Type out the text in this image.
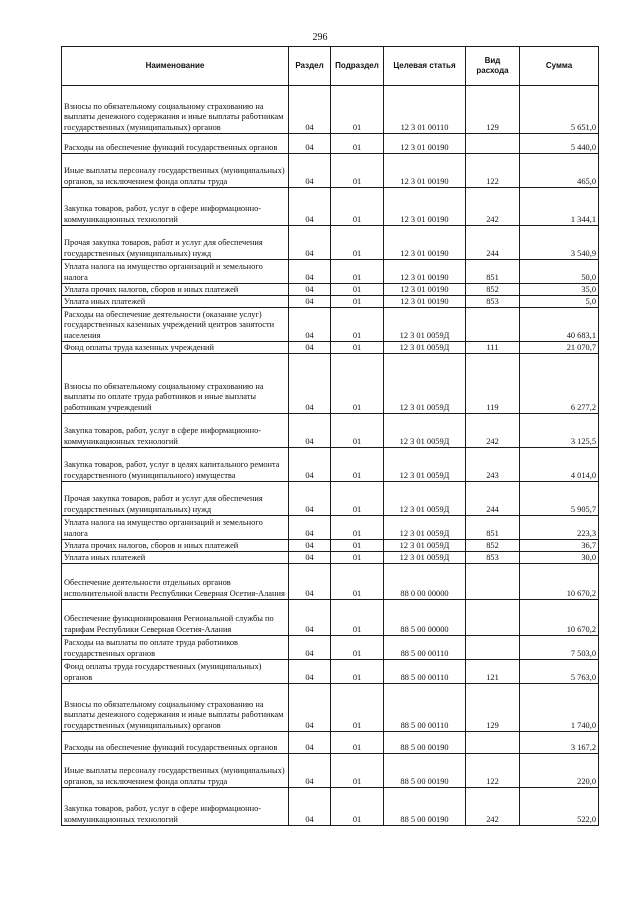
296
Наименование	Раздел	Подраздел	Целевая статья	Вид расхода	Сумма
Взносы по обязательному социальному страхованию на выплаты денежного содержания и иные выплаты работникам государственных (муниципальных) органов	04	01	12 3 01 00110	129	5 651,0
Расходы на обеспечение функций государственных органов	04	01	12 3 01 00190		5 440,0
Иные выплаты персоналу государственных (муниципальных) органов, за исключением фонда оплаты труда	04	01	12 3 01 00190	122	465,0
Закупка товаров, работ, услуг в сфере информационно-коммуникационных технологий	04	01	12 3 01 00190	242	1 344,1
Прочая закупка товаров, работ и услуг для обеспечения государственных (муниципальных) нужд	04	01	12 3 01 00190	244	3 540,9
Уплата налога на имущество организаций и земельного налога	04	01	12 3 01 00190	851	50,0
Уплата прочих налогов, сборов и иных платежей	04	01	12 3 01 00190	852	35,0
Уплата иных платежей	04	01	12 3 01 00190	853	5,0
Расходы на обеспечение деятельности (оказание услуг) государственных казенных учреждений центров занятости населения	04	01	12 3 01 0059Д		40 683,1
Фонд оплаты труда казенных учреждений	04	01	12 3 01 0059Д	111	21 070,7
Взносы по обязательному социальному страхованию на выплаты по оплате труда работников и иные выплаты работникам учреждений	04	01	12 3 01 0059Д	119	6 277,2
Закупка товаров, работ, услуг в сфере информационно-коммуникационных технологий	04	01	12 3 01 0059Д	242	3 125,5
Закупка товаров, работ, услуг в целях капитального ремонта государственного (муниципального) имущества	04	01	12 3 01 0059Д	243	4 014,0
Прочая закупка товаров, работ и услуг для обеспечения государственных (муниципальных) нужд	04	01	12 3 01 0059Д	244	5 905,7
Уплата налога на имущество организаций и земельного налога	04	01	12 3 01 0059Д	851	223,3
Уплата прочих налогов, сборов и иных платежей	04	01	12 3 01 0059Д	852	36,7
Уплата иных платежей	04	01	12 3 01 0059Д	853	30,0
Обеспечение деятельности отдельных органов исполнительной власти Республики Северная Осетия-Алания	04	01	88 0 00 00000		10 670,2
Обеспечение функционирования Региональной службы по тарифам Республики Северная Осетия-Алания	04	01	88 5 00 00000		10 670,2
Расходы на выплаты по оплате труда работников государственных органов	04	01	88 5 00 00110		7 503,0
Фонд оплаты труда государственных (муниципальных) органов	04	01	88 5 00 00110	121	5 763,0
Взносы по обязательному социальному страхованию на выплаты денежного содержания и иные выплаты работникам государственных (муниципальных) органов	04	01	88 5 00 00110	129	1 740,0
Расходы на обеспечение функций государственных органов	04	01	88 5 00 00190		3 167,2
Иные выплаты персоналу государственных (муниципальных) органов, за исключением фонда оплаты труда	04	01	88 5 00 00190	122	220,0
Закупка товаров, работ, услуг в сфере информационно-коммуникационных технологий	04	01	88 5 00 00190	242	522,0
